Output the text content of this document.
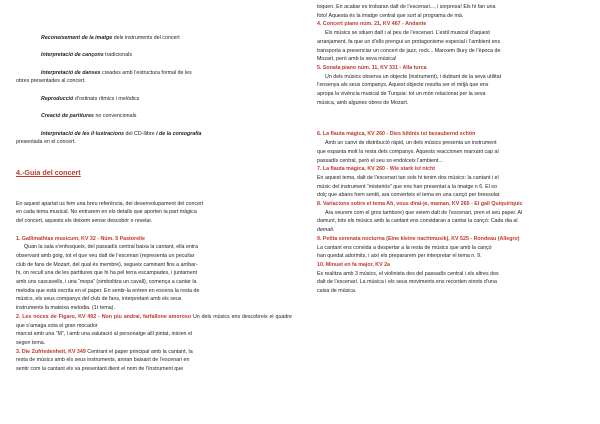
Reconeixement de la imatge dels instruments del concert

Interpretació de cançons tradicionals

Interpretació de danses creades amb l’estructura formal de les

obres presentades al concert.

Reproducció d’ostinats rítmics i melòdics

Creació de partitures no convencionals

Interpretació de les il·lustracions del CD-llibre i de la coreografia

presentada en el concert.

4.-Guia del concert

En aquest apartat us fem una breu referència, del desenvolupament del concert

en cada tema musical. No entrarem en els detalls que aporten la part màgica

del concert, aquests els deixem sense descobrir o revelar.

1. Gallimathias musicum, KV 32 - Núm. 5 Pastorelle

Quan la sala s’enfosqueix, del passadís central baixa la cantant, ella entra

observant amb goig, tot el que veu dalt de l’escenari (representa un peculiar

club de fans de Mozart, del qual és membre), segueix caminant fins a arribar-

hi, on recull una de les partitures que hi ha pel terra escampades, i juntament

amb uns cascavells, i una “mopa” (simbolitza un cavall), comença a cantar la

melodia que està escrita en el paper. En sentir-la entren en escena la resta de

músics, els seus companys del club de fans, interpretant amb els seus

instruments la mateixa melodia. (1r tema).

2. Les noces de Figaro, KV 492 - Non piu andrai, farfallone amoroso Un dels músics ens descobreix el quadre que s’amaga sota el gran mocador

marcat amb una “M”, l amb una salutació al personatge allí pintat, inicien el

segon tema.

3. Die Zufriedenheit, KV 349 Centrant el paper principal amb la cantant, la

resta de músics amb els seus instruments, aniran baixant de l’escenari en

sentir com la cantant els va presentant dient el nom de l’instrument que

toquen. En acabar es trobaran dalt de l’escenari..., i sorpresa! Els hi fan una

foto! Aquesta és la imatge central que surt al programa de mà.

4. Concert piano núm. 21, KV 467 - Andante

Els músics se situen dalt i al peu de l’escenari. L’estil musical d’aquest

arranjament, fa que un d’ells prengui un protagonisme especial i l’ambient ens

transporta a presenciar un concert de jazz, rock... Manxem lliury de l’època de

Mozart, però amb la seva música!

5. Sonata piano núm. 11, KV 331 - Alla turca

Un dels músics observa un objecte (instrument), i dubtant de la seva utilitat

l’ensenya als seus companys. Aquest objecte resulta ser el mitjà que ens

apropa la vivència musical de Turquia: tot un món relacionat per la seva

música, amb algunes obres de Mozart.

6. La flauta màgica, KV 260 - Dies bildnis ist bezaubernd schön

Amb un canvi de distribució ràpid, un dels músics presenta un instrument

que espanta molt la resta dels companys. Aquests reaccionen marxant cap al

passadís central, però el seu so endolceix l’ambient...

7. La flauta màgica, KV 260 - Wie stark ist nicht

En aquest tema, dalt de l’escenari tan sols hi tenim dos músics: la cantant i el

músic del instrument “misteriós” que ens han presentat a la imatge n 6. El so

dolç que abans hem sentit, ara converteix el tema en una cançó per bressolar.

8. Variacions sobre el tema Ah, vous dirai-je, maman, KV 265 - El gall Quiquiriquic

Ara veurem com el gros tambore) que veiem dalt de l’escenari, pren el seu paper. Al

damunt, tots els músics amb la cantant ens convidaran a cantar la cançó: Cada dia al

demati.

9. Petita serenata nocturna (Eine kleine nachtmusik), KV 525 - Rondeau (Allegro)

La cantant ens convida a despertar a la resta de músics que amb la cançó

han quedat adormits, i així els prepararem per interpretar el tema n. 9.

10. Minuet en fa major, KV 2a

Es realitza amb 3 músics, el violinista des del passadís central i els altres dos

dalt de l’escenari. La música i els seus moviments ens recorden ninots d’una

caixa de música.
